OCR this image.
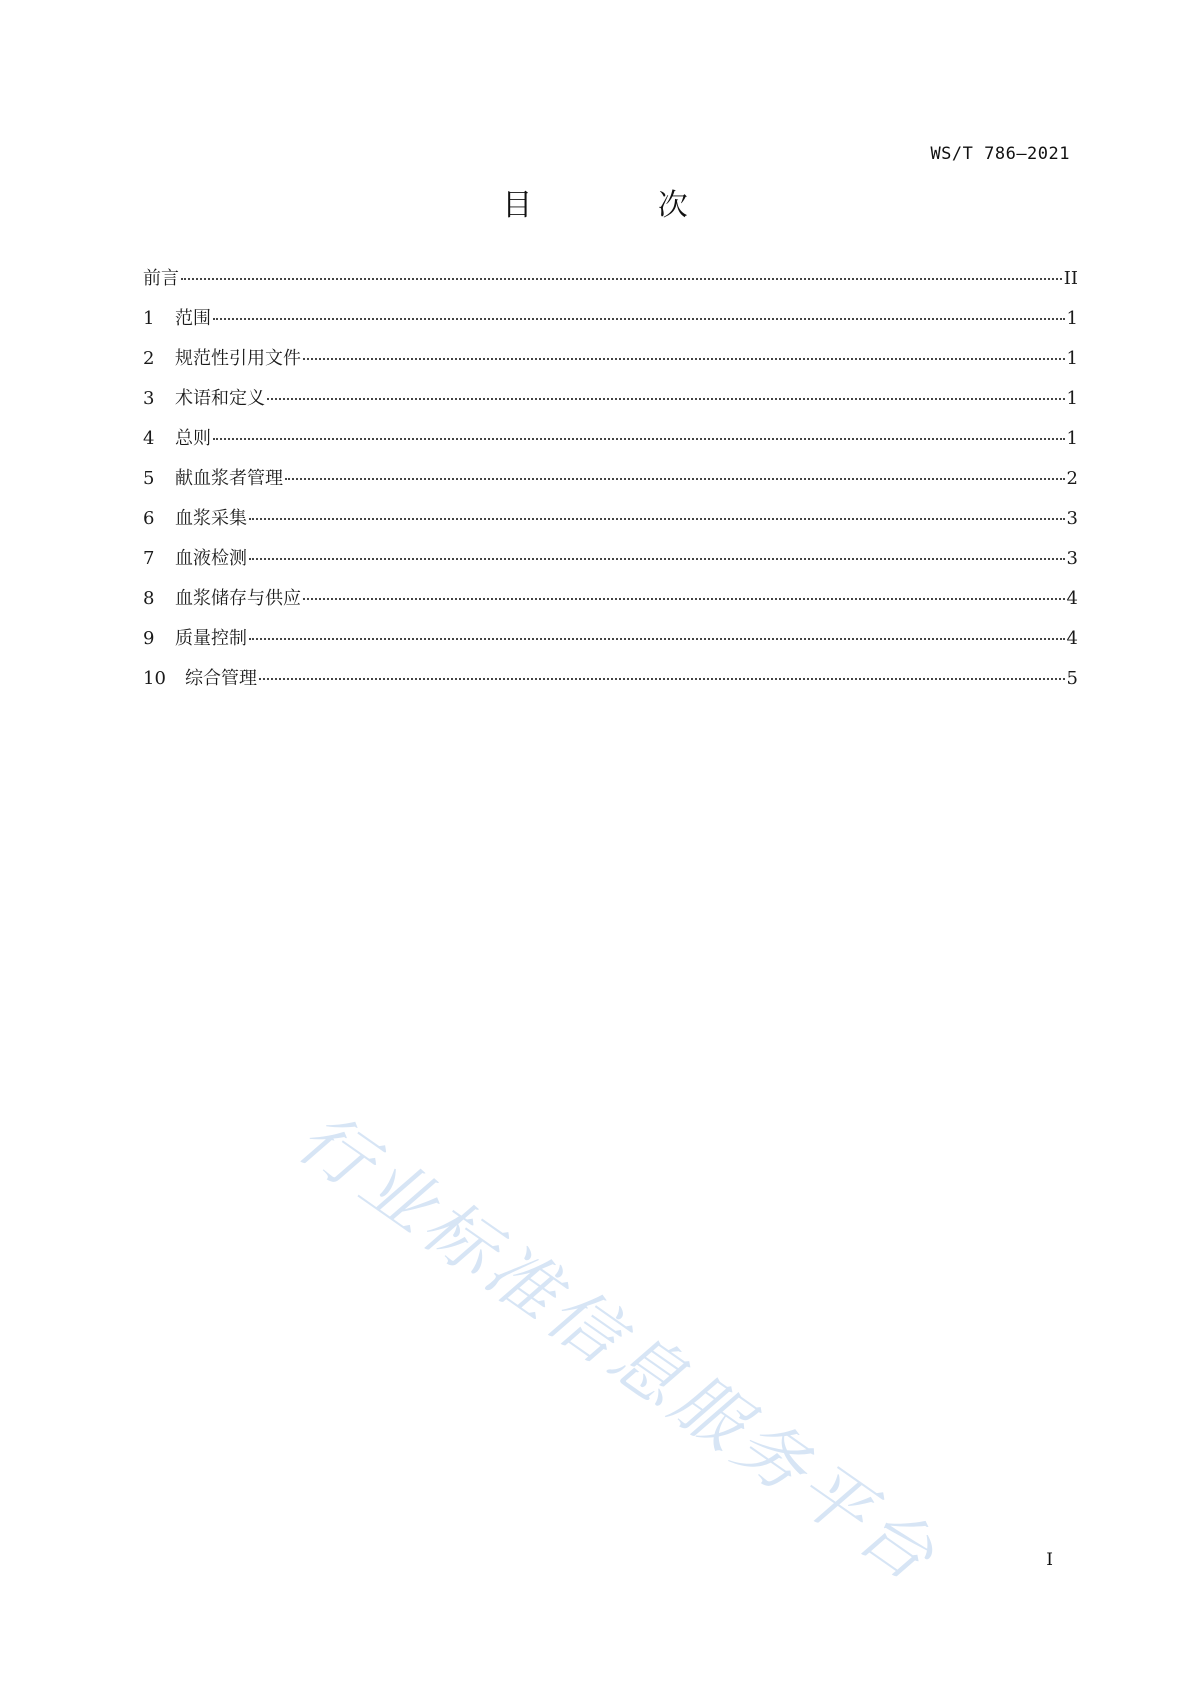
WS/T 786—2021
目 次
前言	II
1	范围	1
2	规范性引用文件	1
3	术语和定义	1
4	总则	1
5	献血浆者管理	2
6	血浆采集	3
7	血液检测	3
8	血浆储存与供应	4
9	质量控制	4
10	综合管理	5
行业标准信息服务平台	I
